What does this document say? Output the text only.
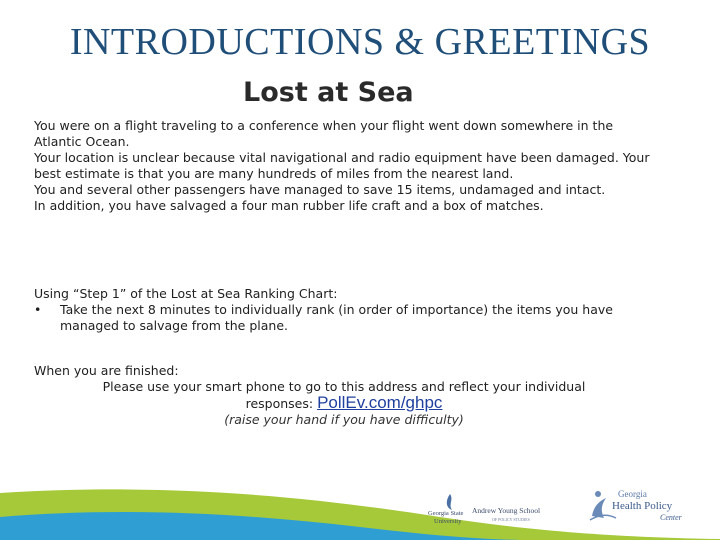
INTRODUCTIONS & GREETINGS
Lost at Sea

You were on a flight traveling to a conference when your flight went down somewhere in the Atlantic Ocean.

Your location is unclear because vital navigational and radio equipment have been damaged. Your best estimate is that you are many hundreds of miles from the nearest land.

You and several other passengers have managed to save 15 items, undamaged and intact.

In addition, you have salvaged a four man rubber life craft and a box of matches.

Using “Step 1” of the Lost at Sea Ranking Chart:

• Take the next 8 minutes to individually rank (in order of importance) the items you have managed to salvage from the plane.

When you are finished:

Please use your smart phone to go to this address and reflect your individual
responses: PollEv.com/ghpc
(raise your hand if you have difficulty)
Georgia State
University
Andrew Young School
OF POLICY STUDIES
Georgia
Health Policy
Center
